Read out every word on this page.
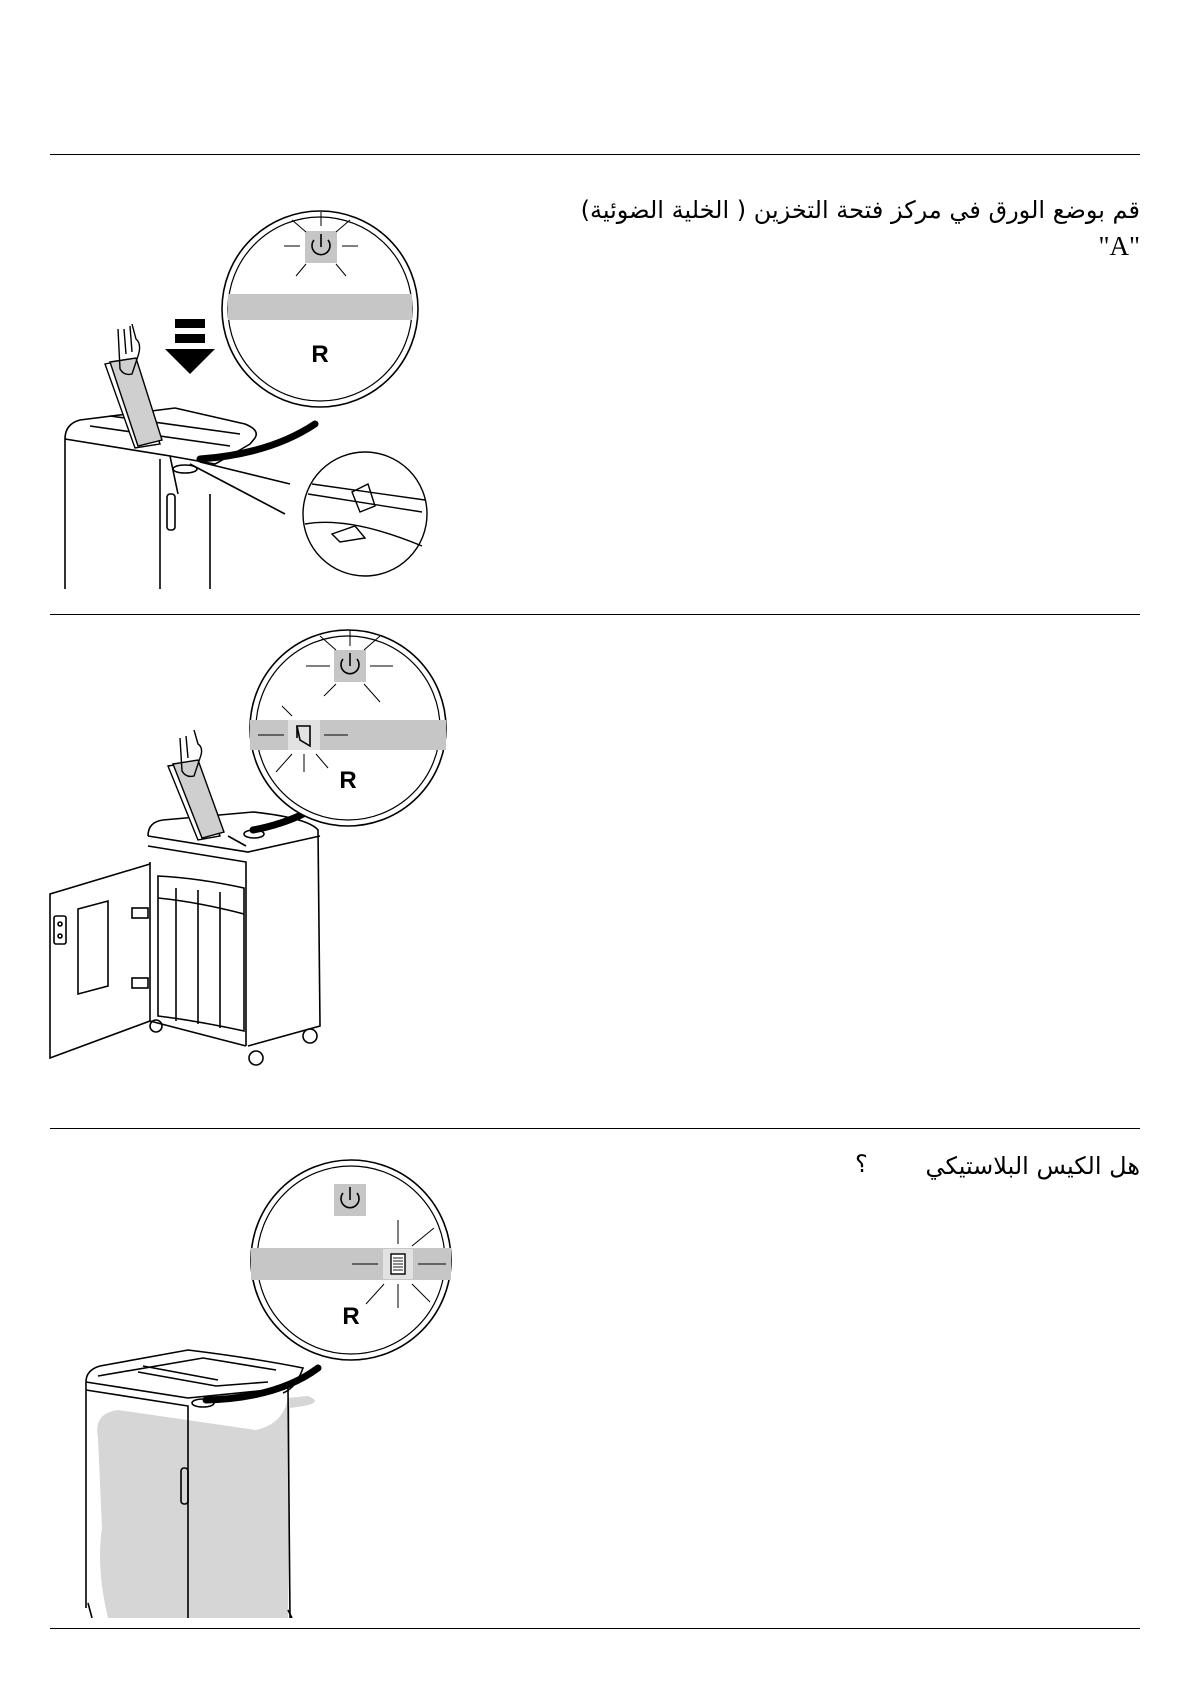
قم بوضع الورق في مركز فتحة التخزين ( الخلية الضوئية)
"A"
R
R
هل الكيس البلاستيكي
؟
R
